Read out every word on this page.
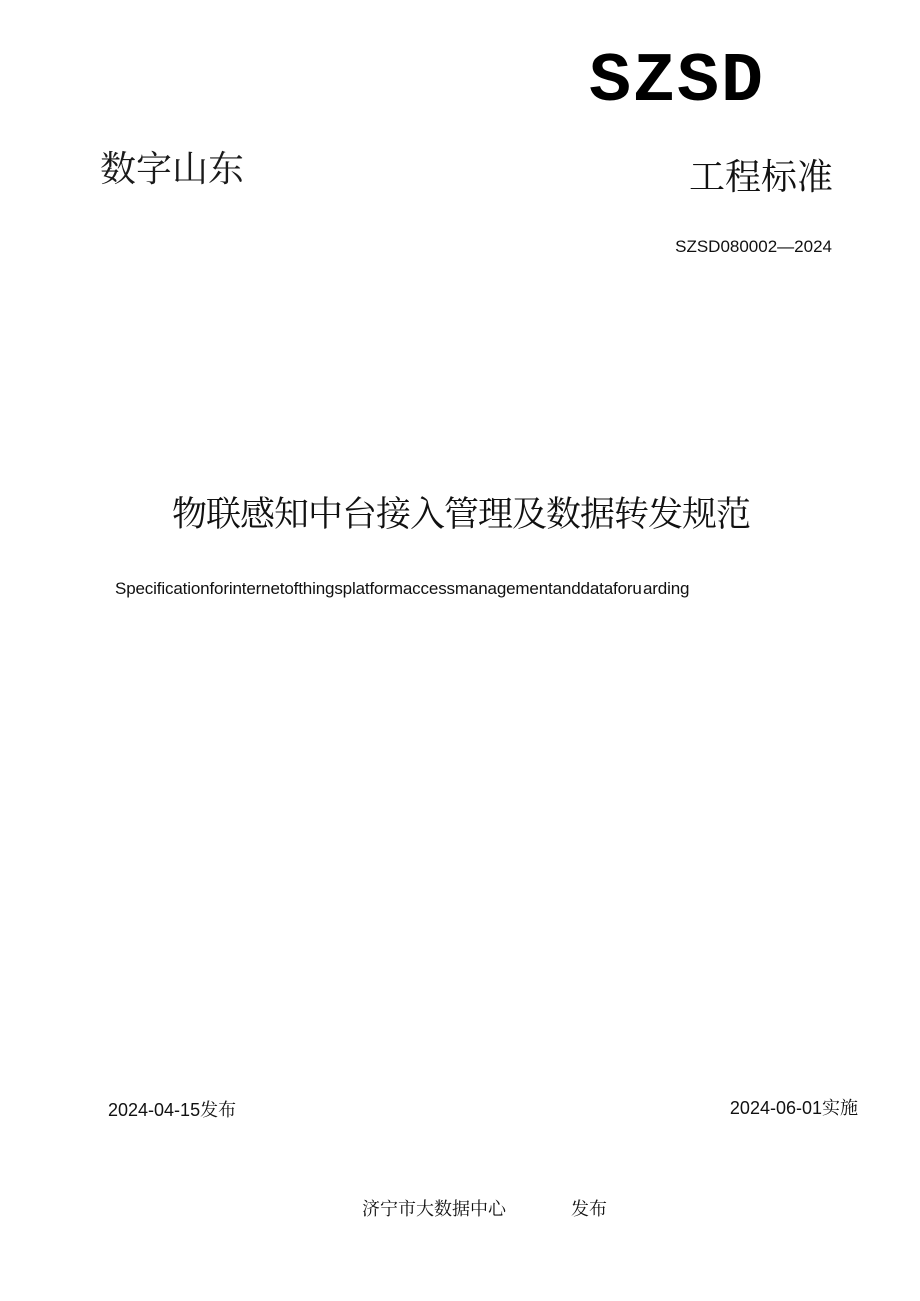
SZSD
数字山东	工程标准
SZSD080002—2024
物联感知中台接入管理及数据转发规范
Specificationforinternetofthingsplatformaccessmanagementanddataforu arding
2024-04-15发布	2024-06-01实施
济宁市大数据中心	发布
